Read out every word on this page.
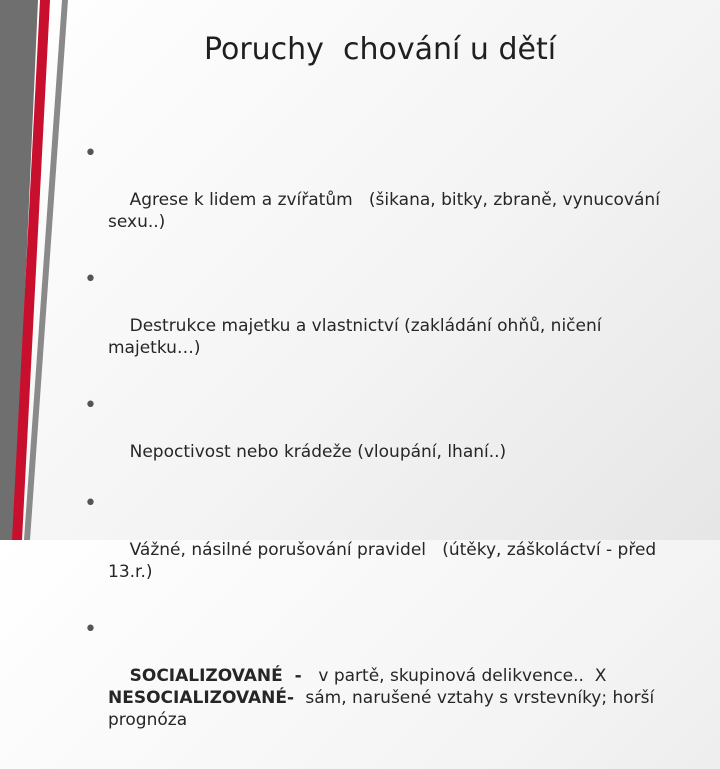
Poruchy  chování u dětí

•

Agrese k lidem a zvířatům   (šikana, bitky, zbraně, vynucování sexu..)

•

Destrukce majetku a vlastnictví (zakládání ohňů, ničení majetku…)

•

Nepoctivost nebo krádeže (vloupání, lhaní..)

•

Vážné, násilné porušování pravidel   (útěky, záškoláctví - před 13.r.)

•

SOCIALIZOVANÉ  -   v partě, skupinová delikvence..  X NESOCIALIZOVANÉ-  sám, narušené vztahy s vrstevníky; horší prognóza
